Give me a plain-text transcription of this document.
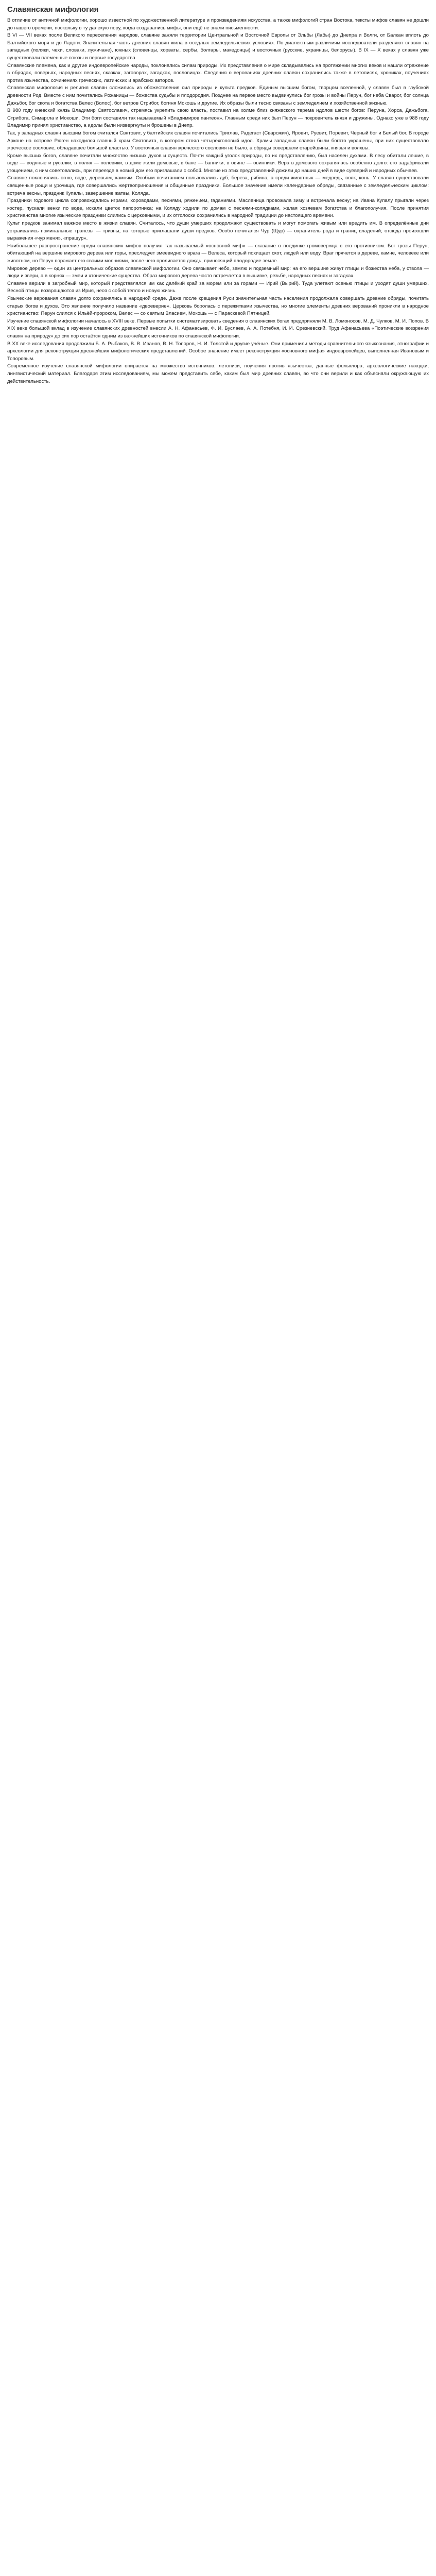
Славянская мифология

В отличие от античной мифологии, хорошо известной по художественной литературе и произведениям искусства, а также мифологий стран Востока, тексты мифов славян не дошли до нашего времени, поскольку в ту далекую пору, когда создавались мифы, они ещё не знали письменности.

В VI — VII веках после Великого переселения народов, славяне заняли территории Центральной и Восточной Европы от Эльбы (Лабы) до Днепра и Волги, от Балкан вплоть до Балтийского моря и до Ладоги. Значительная часть древних славян жила в оседлых земледельческих условиях. По диалектным различиям исследователи разделяют славян на западных (поляки, чехи, словаки, лужичане), южных (словенцы, хорваты, сербы, болгары, македонцы) и восточных (русские, украинцы, белорусы). В IX — X веках у славян уже существовали племенные союзы и первые государства.

Славянские племена, как и другие индоевропейские народы, поклонялись силам природы. Их представления о мире складывались на протяжении многих веков и нашли отражение в обрядах, поверьях, народных песнях, сказках, заговорах, загадках, пословицах. Сведения о верованиях древних славян сохранились также в летописях, хрониках, поучениях против язычества, сочинениях греческих, латинских и арабских авторов.

Славянская мифология и религия славян сложились из обожествления сил природы и культа предков. Единым высшим богом, творцом вселенной, у славян был в глубокой древности Род. Вместе с ним почитались Рожаницы — божества судьбы и плодородия. Позднее на первое место выдвинулись бог грозы и войны Перун, бог неба Сварог, бог солнца Дажьбог, бог скота и богатства Велес (Волос), бог ветров Стрибог, богиня Мокошь и другие. Их образы были тесно связаны с земледелием и хозяйственной жизнью.

В 980 году киевский князь Владимир Святославич, стремясь укрепить свою власть, поставил на холме близ княжеского терема идолов шести богов: Перуна, Хорса, Дажьбога, Стрибога, Симаргла и Мокоши. Эти боги составили так называемый «Владимиров пантеон». Главным среди них был Перун — покровитель князя и дружины. Однако уже в 988 году Владимир принял христианство, а идолы были низвергнуты и брошены в Днепр.

Так, у западных славян высшим богом считался Святовит, у балтийских славян почитались Триглав, Радегаст (Сварожич), Яровит, Руевит, Поревит, Черный бог и Белый бог. В городе Арконе на острове Рюген находился главный храм Святовита, в котором стоял четырёхголовый идол. Храмы западных славян были богато украшены, при них существовало жреческое сословие, обладавшее большой властью. У восточных славян жреческого сословия не было, а обряды совершали старейшины, князья и волхвы.

Кроме высших богов, славяне почитали множество низших духов и существ. Почти каждый уголок природы, по их представлению, был населен духами. В лесу обитали лешие, в воде — водяные и русалки, в полях — полевики, в доме жили домовые, в бане — банники, в овине — овинники. Вера в домового сохранялась особенно долго: его задабривали угощением, с ним советовались, при переезде в новый дом его приглашали с собой. Многие из этих представлений дожили до наших дней в виде суеверий и народных обычаев.

Славяне поклонялись огню, воде, деревьям, камням. Особым почитанием пользовались дуб, береза, рябина, а среди животных — медведь, волк, конь. У славян существовали священные рощи и урочища, где совершались жертвоприношения и общинные праздники. Большое значение имели календарные обряды, связанные с земледельческим циклом: встреча весны, праздник Купалы, завершение жатвы, Коляда.

Праздники годового цикла сопровождались играми, хороводами, песнями, ряжением, гаданиями. Масленица провожала зиму и встречала весну; на Ивана Купалу прыгали через костер, пускали венки по воде, искали цветок папоротника; на Коляду ходили по домам с песнями-колядками, желая хозяевам богатства и благополучия. После принятия христианства многие языческие праздники слились с церковными, и их отголоски сохранились в народной традиции до настоящего времени.

Культ предков занимал важное место в жизни славян. Считалось, что души умерших продолжают существовать и могут помогать живым или вредить им. В определённые дни устраивались поминальные трапезы — тризны, на которые приглашали души предков. Особо почитался Чур (Щур) — охранитель рода и границ владений; отсюда произошли выражения «чур меня», «пращур».

Наибольшее распространение среди славянских мифов получил так называемый «основной миф» — сказание о поединке громовержца с его противником. Бог грозы Перун, обитающий на вершине мирового дерева или горы, преследует змеевидного врага — Велеса, который похищает скот, людей или воду. Враг прячется в дереве, камне, человеке или животном, но Перун поражает его своими молниями, после чего проливается дождь, приносящий плодородие земле.

Мировое дерево — один из центральных образов славянской мифологии. Оно связывает небо, землю и подземный мир: на его вершине живут птицы и божества неба, у ствола — люди и звери, а в корнях — змеи и хтонические существа. Образ мирового дерева часто встречается в вышивке, резьбе, народных песнях и загадках.

Славяне верили в загробный мир, который представлялся им как далёкий край за морем или за горами — Ирий (Вырий). Туда улетают осенью птицы и уходят души умерших. Весной птицы возвращаются из Ирия, неся с собой тепло и новую жизнь.

Языческие верования славян долго сохранялись в народной среде. Даже после крещения Руси значительная часть населения продолжала совершать древние обряды, почитать старых богов и духов. Это явление получило название «двоеверие». Церковь боролась с пережитками язычества, но многие элементы древних верований проникли в народное христианство: Перун слился с Ильёй-пророком, Велес — со святым Власием, Мокошь — с Параскевой Пятницей.

Изучение славянской мифологии началось в XVIII веке. Первые попытки систематизировать сведения о славянских богах предприняли М. В. Ломоносов, М. Д. Чулков, М. И. Попов. В XIX веке большой вклад в изучение славянских древностей внесли А. Н. Афанасьев, Ф. И. Буслаев, А. А. Потебня, И. И. Срезневский. Труд Афанасьева «Поэтические воззрения славян на природу» до сих пор остаётся одним из важнейших источников по славянской мифологии.

В XX веке исследования продолжили Б. А. Рыбаков, В. В. Иванов, В. Н. Топоров, Н. И. Толстой и другие учёные. Они применили методы сравнительного языкознания, этнографии и археологии для реконструкции древнейших мифологических представлений. Особое значение имеет реконструкция «основного мифа» индоевропейцев, выполненная Ивановым и Топоровым.

Современное изучение славянской мифологии опирается на множество источников: летописи, поучения против язычества, данные фольклора, археологические находки, лингвистический материал. Благодаря этим исследованиям, мы можем представить себе, каким был мир древних славян, во что они верили и как объясняли окружающую их действительность.
